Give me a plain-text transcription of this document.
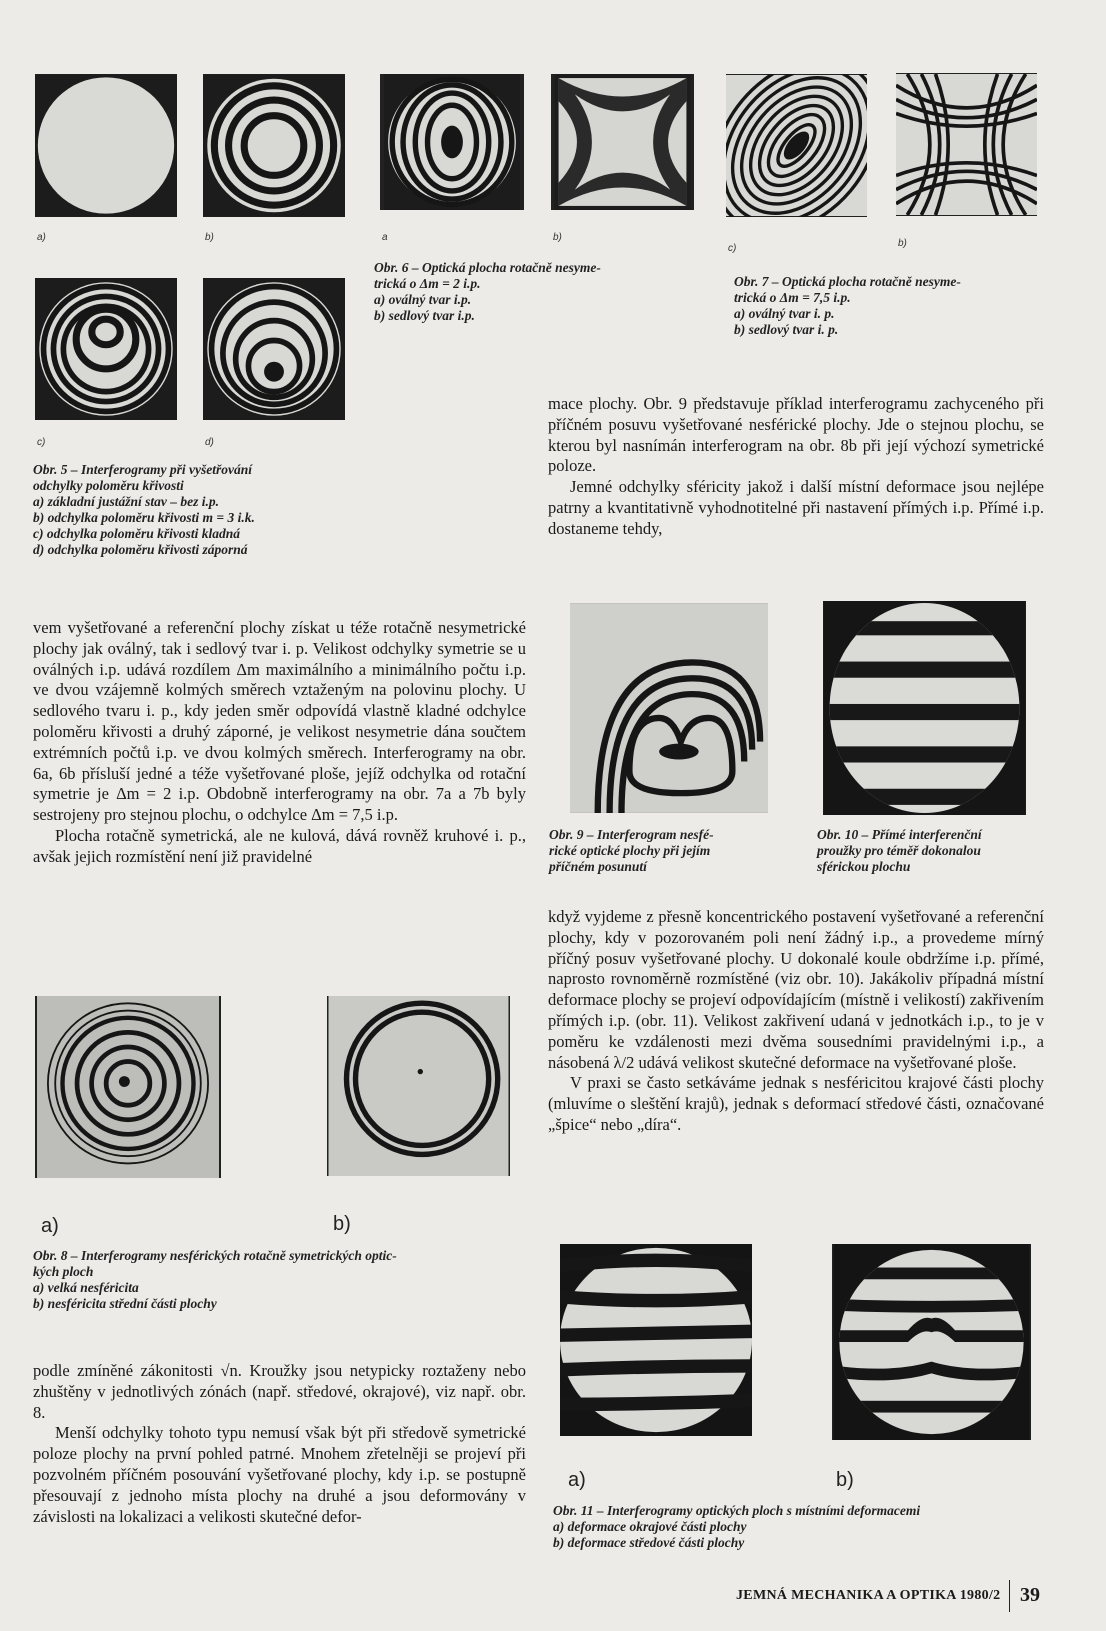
a)	b)
c)	d)
a	b)
c)	b)
Obr. 6 – Optická plocha rotačně nesyme-
trická o Δm = 2 i.p.
a) oválný tvar i.p.
b) sedlový tvar i.p.
Obr. 7 – Optická plocha rotačně nesyme-
trická o Δm = 7,5 i.p.
a) oválný tvar i. p.
b) sedlový tvar i. p.
Obr. 5 – Interferogramy při vyšetřování
odchylky poloměru křivosti
a) základní justážní stav – bez i.p.
b) odchylka poloměru křivosti m = 3 i.k.
c) odchylka poloměru křivosti kladná
d) odchylka poloměru křivosti záporná

mace plochy. Obr. 9 představuje příklad interferogramu zachyceného při příčném posuvu vyšetřované nesférické plochy. Jde o stejnou plochu, se kterou byl nasnímán interferogram na obr. 8b při její výchozí symetrické poloze.

Jemné odchylky sféricity jakož i další místní deformace jsou nejlépe patrny a kvantitativně vyhodnotitelné při nastavení přímých i.p. Přímé i.p. dostaneme tehdy,

vem vyšetřované a referenční plochy získat u téže rotačně nesymetrické plochy jak oválný, tak i sedlový tvar i. p. Velikost odchylky symetrie se u oválných i.p. udává rozdílem Δm maximálního a minimálního počtu i.p. ve dvou vzájemně kolmých směrech vztaženým na polovinu plochy. U sedlového tvaru i. p., kdy jeden směr odpovídá vlastně kladné odchylce poloměru křivosti a druhý záporné, je velikost nesymetrie dána součtem extrémních počtů i.p. ve dvou kolmých směrech. Interferogramy na obr. 6a, 6b přísluší jedné a téže vyšetřované ploše, jejíž odchylka od rotační symetrie je Δm = 2 i.p. Obdobně interferogramy na obr. 7a a 7b byly sestrojeny pro stejnou plochu, o odchylce Δm = 7,5 i.p.

Plocha rotačně symetrická, ale ne kulová, dává rovněž kruhové i. p., avšak jejich rozmístění není již pravidelné

Obr. 9 – Interferogram nesfé-
rické optické plochy při jejím
příčném posunutí
Obr. 10 – Přímé interferenční
proužky pro téměř dokonalou
sférickou plochu

když vyjdeme z přesně koncentrického postavení vyšetřované a referenční plochy, kdy v pozorovaném poli není žádný i.p., a provedeme mírný příčný posuv vyšetřované plochy. U dokonalé koule obdržíme i.p. přímé, naprosto rovnoměrně rozmístěné (viz obr. 10). Jakákoliv případná místní deformace plochy se projeví odpovídajícím (místně i velikostí) zakřivením přímých i.p. (obr. 11). Velikost zakřivení udaná v jednotkách i.p., to je v poměru ke vzdálenosti mezi dvěma sousedními pravidelnými i.p., a násobená λ/2 udává velikost skutečné deformace na vyšetřované ploše.

V praxi se často setkáváme jednak s nesféricitou krajové části plochy (mluvíme o sleštění krajů), jednak s deformací středové části, označované „špice“ nebo „díra“.

a)	b)
Obr. 8 – Interferogramy nesférických rotačně symetrických optic-
kých ploch
a) velká nesféricita
b) nesféricita střední části plochy
a)	b)
Obr. 11 – Interferogramy optických ploch s místními deformacemi
a) deformace okrajové části plochy
b) deformace středové části plochy

podle zmíněné zákonitosti √n. Kroužky jsou netypicky roztaženy nebo zhuštěny v jednotlivých zónách (např. středové, okrajové), viz např. obr. 8.

Menší odchylky tohoto typu nemusí však být při středově symetrické poloze plochy na první pohled patrné. Mnohem zřetelněji se projeví při pozvolném příčném posouvání vyšetřované plochy, kdy i.p. se postupně přesouvají z jednoho místa plochy na druhé a jsou deformovány v závislosti na lokalizaci a velikosti skutečné defor-

JEMNÁ MECHANIKA A OPTIKA 1980/2 39
